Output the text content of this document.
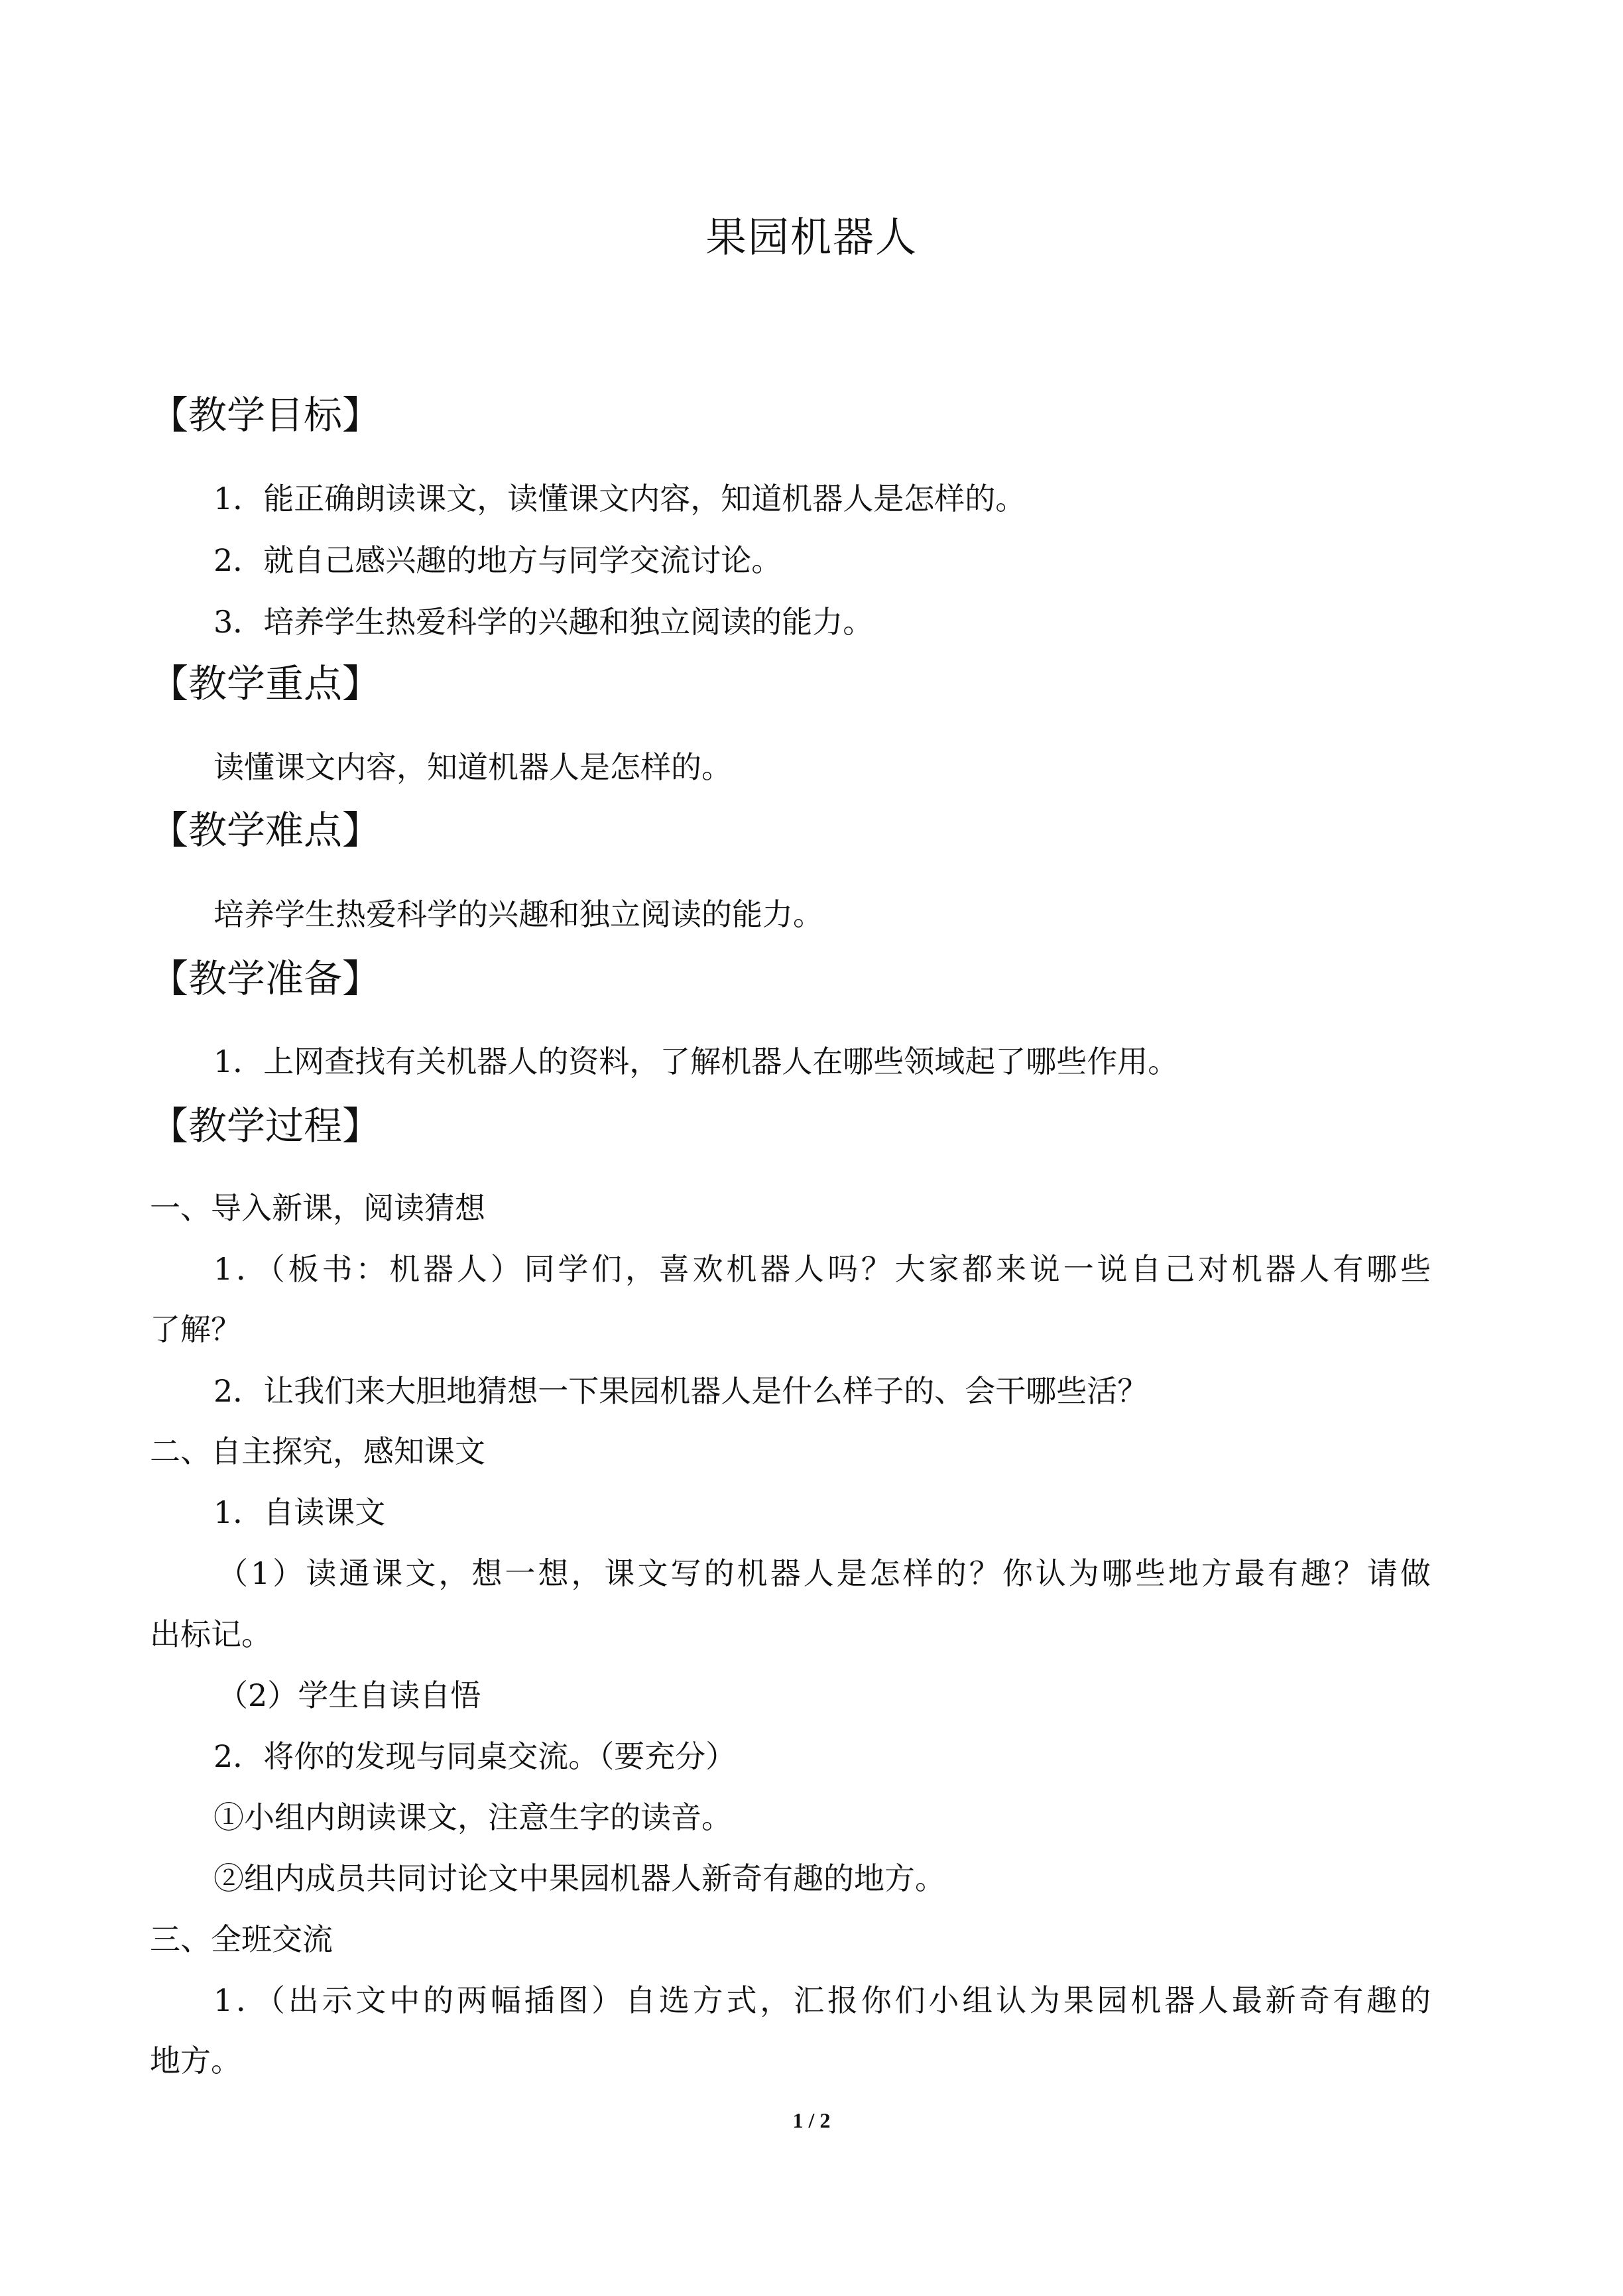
果园机器人
【教学目标】
1．能正确朗读课文，读懂课文内容，知道机器人是怎样的。
2．就自己感兴趣的地方与同学交流讨论。
3．培养学生热爱科学的兴趣和独立阅读的能力。
【教学重点】
读懂课文内容，知道机器人是怎样的。
【教学难点】
培养学生热爱科学的兴趣和独立阅读的能力。
【教学准备】
1．上网查找有关机器人的资料，了解机器人在哪些领域起了哪些作用。
【教学过程】
一、导入新课，阅读猜想
1．（板书：机器人）同学们，喜欢机器人吗？大家都来说一说自己对机器人有哪些
了解？
2．让我们来大胆地猜想一下果园机器人是什么样子的、会干哪些活？
二、自主探究，感知课文
1．自读课文
（1）读通课文，想一想，课文写的机器人是怎样的？你认为哪些地方最有趣？请做
出标记。
（2）学生自读自悟
2．将你的发现与同桌交流。（要充分）
①小组内朗读课文，注意生字的读音。
②组内成员共同讨论文中果园机器人新奇有趣的地方。
三、全班交流
1．（出示文中的两幅插图）自选方式，汇报你们小组认为果园机器人最新奇有趣的
地方。
1 / 2
